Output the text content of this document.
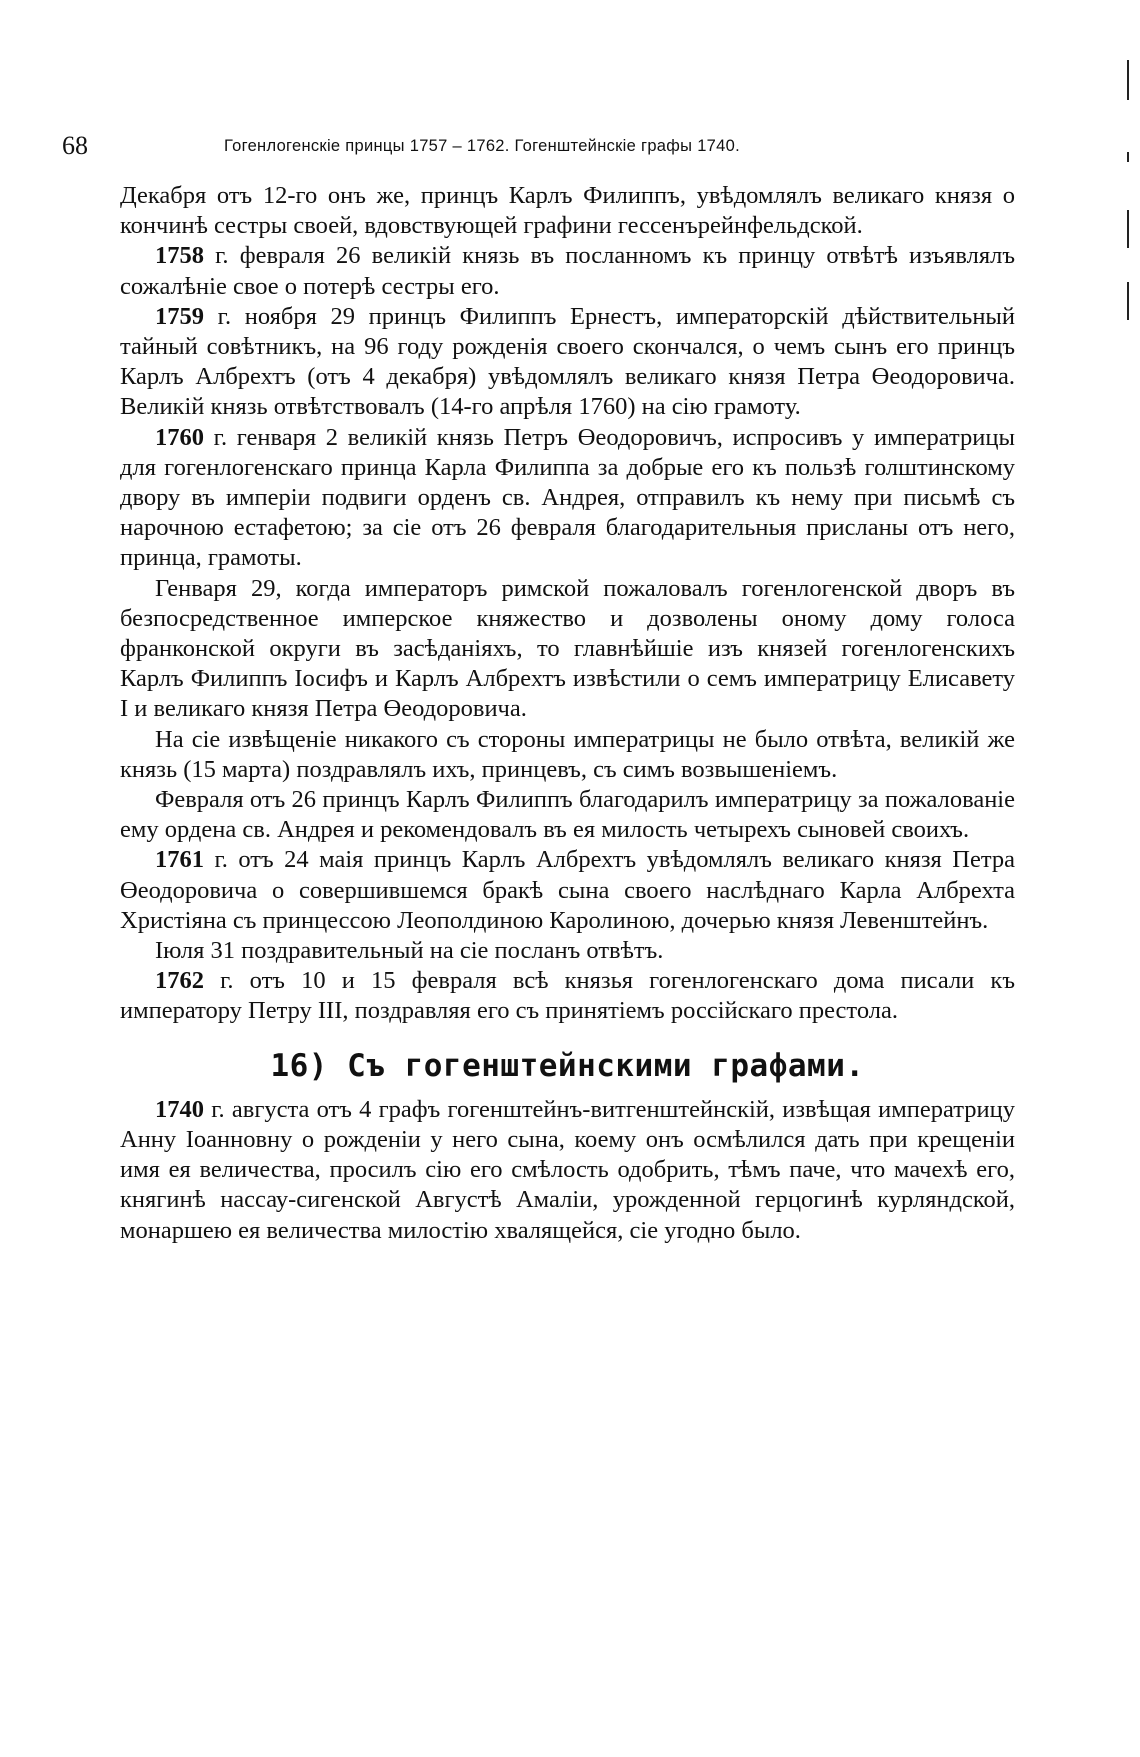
68	Гогенлогенскіе принцы 1757 – 1762. Гогенштейнскіе графы 1740.

Декабря отъ 12-го онъ же, принцъ Карлъ Филиппъ, увѣдомлялъ великаго князя о кончинѣ сестры своей, вдовствующей графини гессенърейнфельдской.

1758 г. февраля 26 великій князь въ посланномъ къ принцу отвѣтѣ изъявлялъ сожалѣніе свое о потерѣ сестры его.

1759 г. ноября 29 принцъ Филиппъ Ернестъ, императорскій дѣйствительный тайный совѣтникъ, на 96 году рожденія своего скончался, о чемъ сынъ его принцъ Карлъ Албрехтъ (отъ 4 декабря) увѣдомлялъ великаго князя Петра Өеодоровича. Великій князь отвѣтствовалъ (14-го апрѣля 1760) на сію грамоту.

1760 г. генваря 2 великій князь Петръ Өеодоровичъ, испросивъ у императрицы для гогенлогенскаго принца Карла Филиппа за добрые его къ пользѣ голштинскому двору въ имперіи подвиги орденъ св. Андрея, отправилъ къ нему при письмѣ съ нарочною естафетою; за сіе отъ 26 февраля благодарительныя присланы отъ него, принца, грамоты.

Генваря 29, когда императоръ римской пожаловалъ гогенлогенской дворъ въ безпосредственное имперское княжество и дозволены оному дому голоса франконской округи въ засѣданіяхъ, то главнѣйшіе изъ князей гогенлогенскихъ Карлъ Филиппъ Іосифъ и Карлъ Албрехтъ извѣстили о семъ императрицу Елисавету I и великаго князя Петра Өеодоровича.

На сіе извѣщеніе никакого съ стороны императрицы не было отвѣта, великій же князь (15 марта) поздравлялъ ихъ, принцевъ, съ симъ возвышеніемъ.

Февраля отъ 26 принцъ Карлъ Филиппъ благодарилъ императрицу за пожалованіе ему ордена св. Андрея и рекомендовалъ въ ея милость четырехъ сыновей своихъ.

1761 г. отъ 24 маія принцъ Карлъ Албрехтъ увѣдомлялъ великаго князя Петра Өеодоровича о совершившемся бракѣ сына своего наслѣднаго Карла Албрехта Христіяна съ принцессою Леополдиною Каролиною, дочерью князя Левенштейнъ.

Іюля 31 поздравительный на сіе посланъ отвѣтъ.

1762 г. отъ 10 и 15 февраля всѣ князья гогенлогенскаго дома писали къ императору Петру III, поздравляя его съ принятіемъ россійскаго престола.

16) Съ гогенштейнскими графами.

1740 г. августа отъ 4 графъ гогенштейнъ-витгенштейнскій, извѣщая императрицу Анну Іоанновну о рожденіи у него сына, коему онъ осмѣлился дать при крещеніи имя ея величества, просилъ сію его смѣлость одобрить, тѣмъ паче, что мачехѣ его, княгинѣ нассау-сигенской Августѣ Амаліи, урожденной герцогинѣ курляндской, монаршею ея величества милостію хвалящейся, сіе угодно было.
